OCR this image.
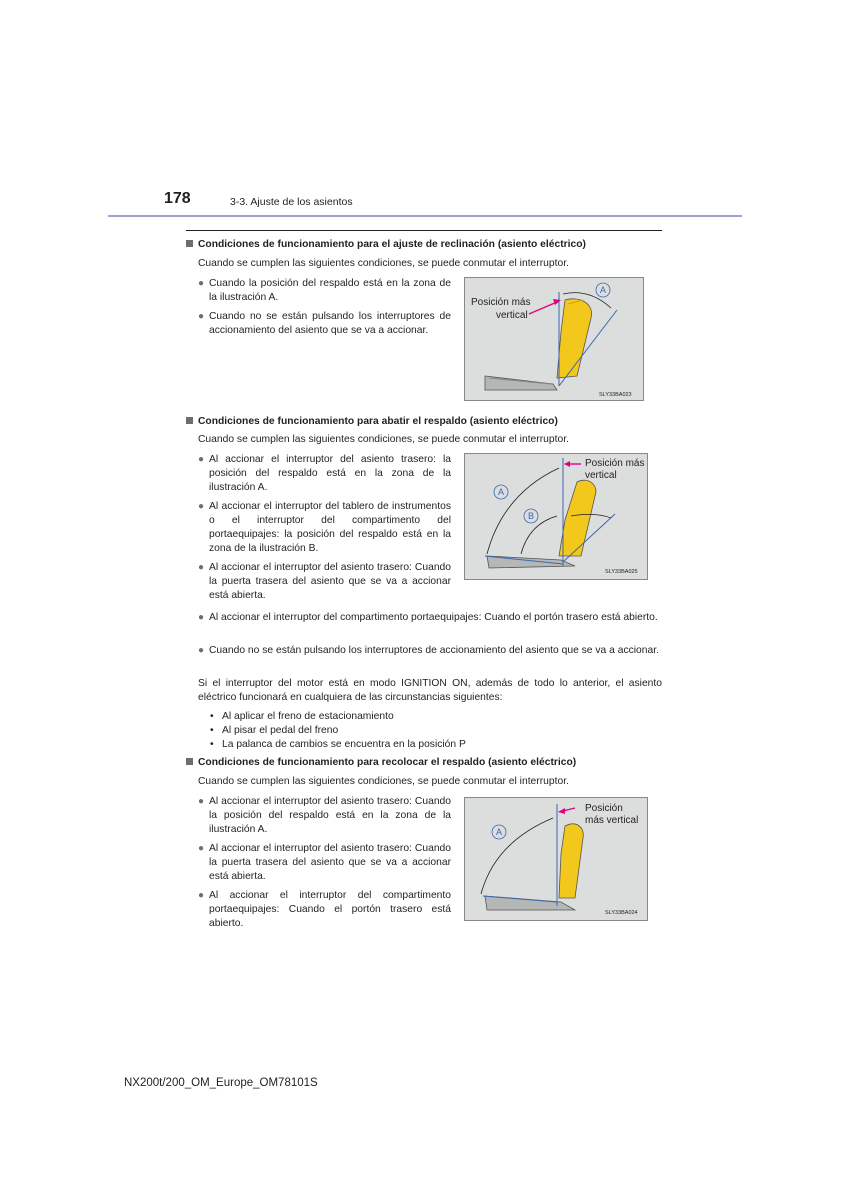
178	3-3. Ajuste de los asientos
Condiciones de funcionamiento para el ajuste de reclinación (asiento eléctrico)
Cuando se cumplen las siguientes condiciones, se puede conmutar el interruptor.
● Cuando la posición del respaldo está en la zona de la ilustración A.
● Cuando no se están pulsando los interruptores de accionamiento del asiento que se va a accionar.
A
Posición más
vertical
SLY33BA023
Condiciones de funcionamiento para abatir el respaldo (asiento eléctrico)
Cuando se cumplen las siguientes condiciones, se puede conmutar el interruptor.
● Al accionar el interruptor del asiento trasero: la posición del respaldo está en la zona de la ilustración A.
● Al accionar el interruptor del tablero de instrumentos o el interruptor del compartimento del portaequipajes: la posición del respaldo está en la zona de la ilustración B.
● Al accionar el interruptor del asiento trasero: Cuando la puerta trasera del asiento que se va a accionar está abierta.
● Al accionar el interruptor del compartimento portaequipajes: Cuando el portón trasero está abierto.
● Cuando no se están pulsando los interruptores de accionamiento del asiento que se va a accionar.
Si el interruptor del motor está en modo IGNITION ON, además de todo lo anterior, el asiento eléctrico funcionará en cualquiera de las circunstancias siguientes:
• Al aplicar el freno de estacionamiento
• Al pisar el pedal del freno
• La palanca de cambios se encuentra en la posición P
A
B
Posición más
vertical
SLY33BA025
Condiciones de funcionamiento para recolocar el respaldo (asiento eléctrico)
Cuando se cumplen las siguientes condiciones, se puede conmutar el interruptor.
● Al accionar el interruptor del asiento trasero: Cuando la posición del respaldo está en la zona de la ilustración A.
● Al accionar el interruptor del asiento trasero: Cuando la puerta trasera del asiento que se va a accionar está abierta.
● Al accionar el interruptor del compartimento portaequipajes: Cuando el portón trasero está abierto.
A
Posición
más vertical
SLY33BA024
NX200t/200_OM_Europe_OM78101S
